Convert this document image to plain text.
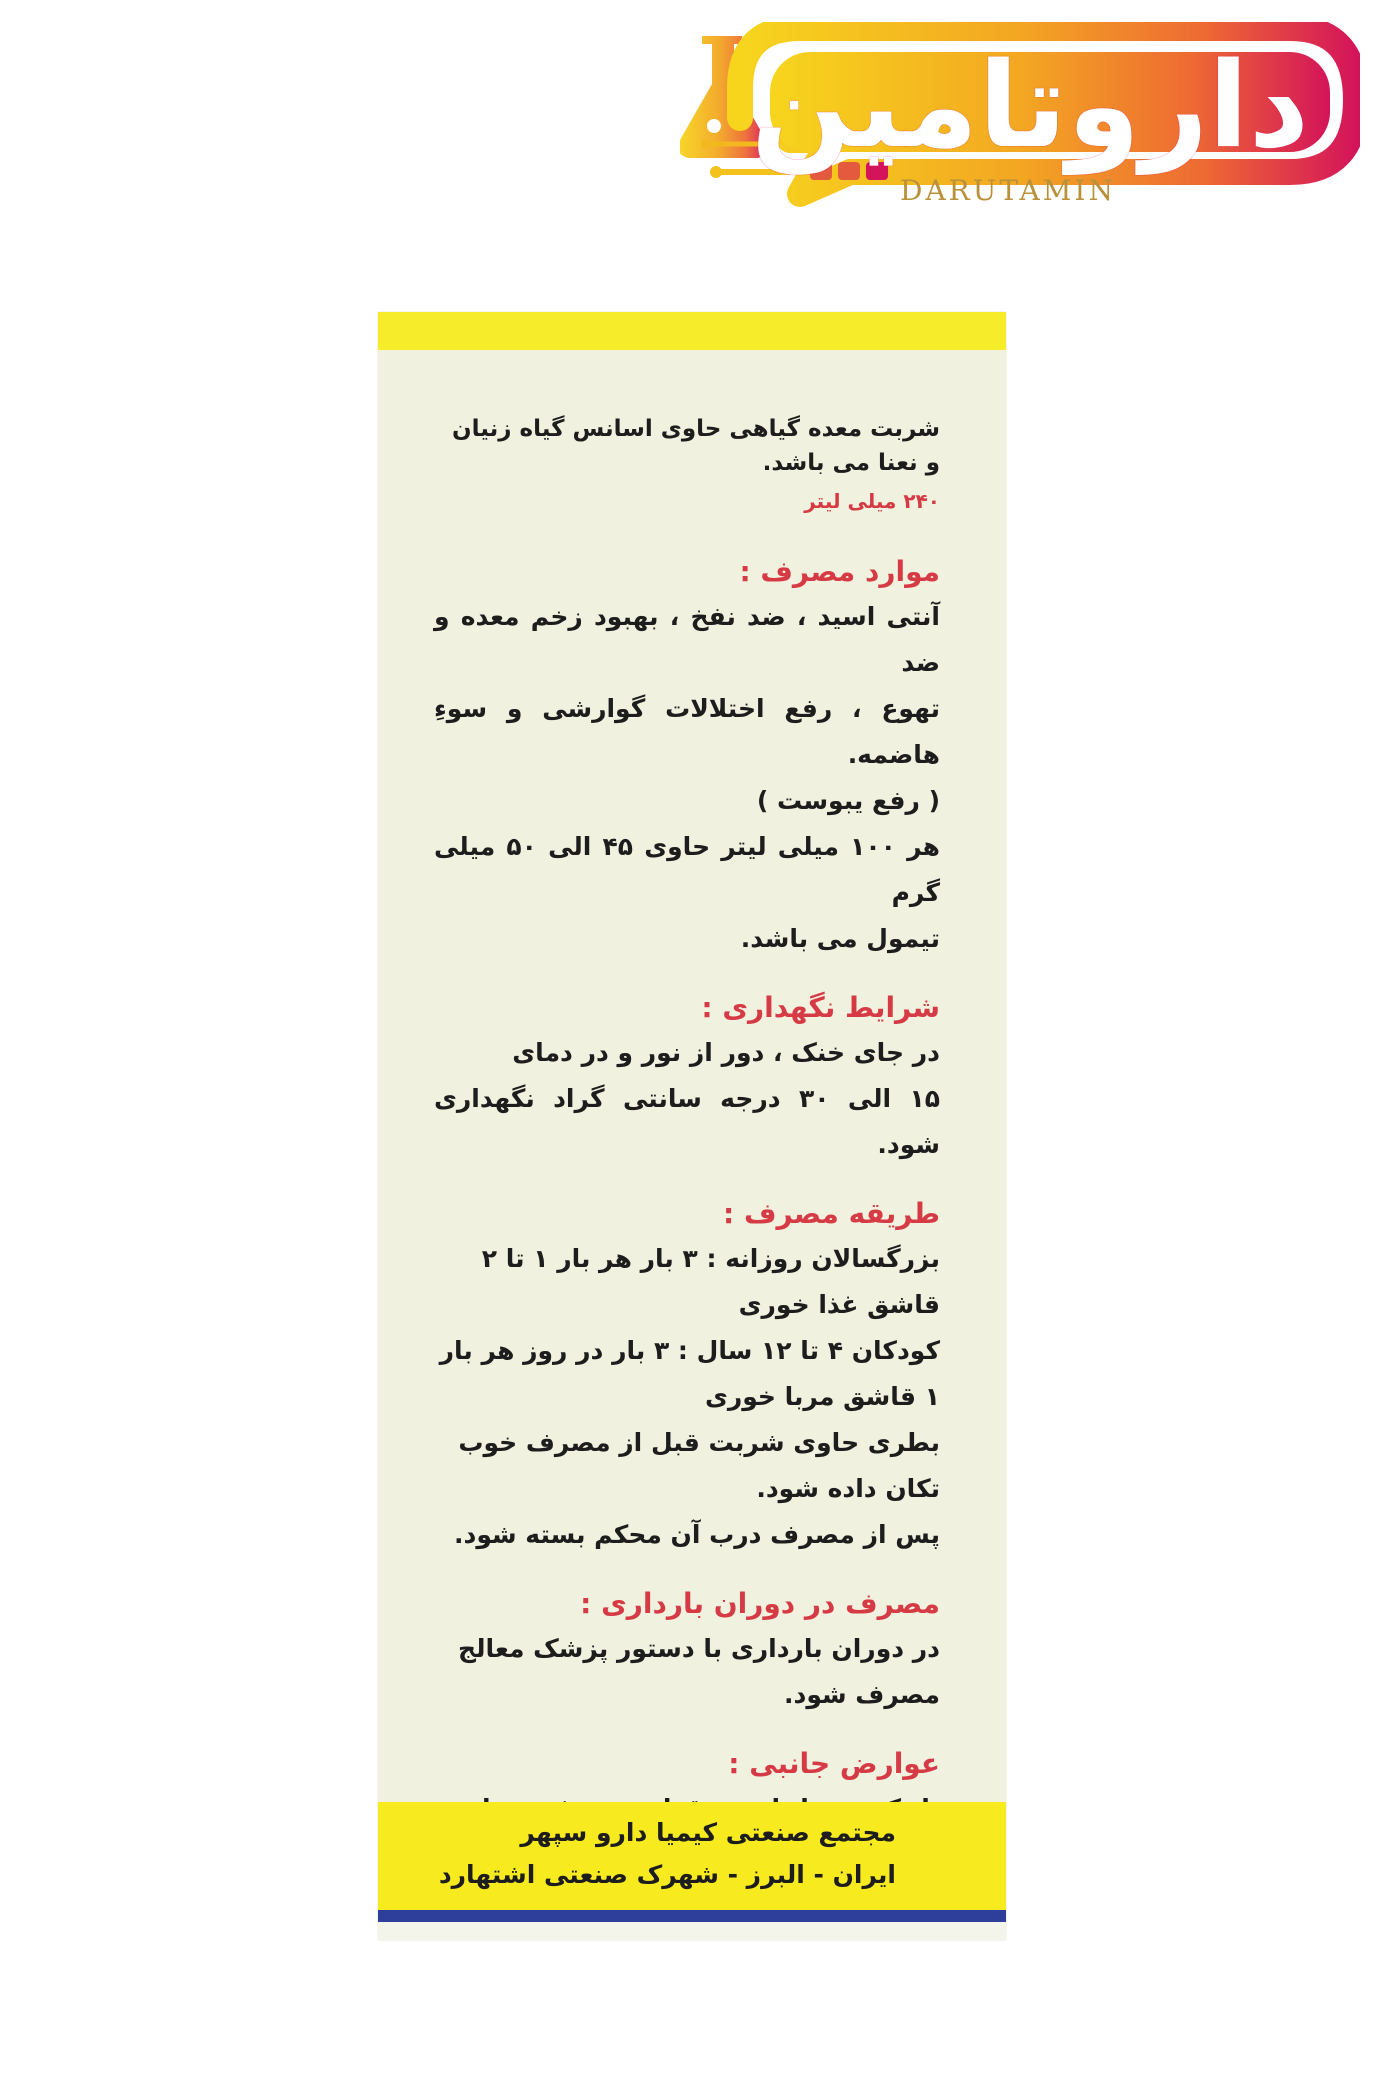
داروتامین
DARUTAMIN
شربت معده گیاهی حاوی اسانس گیاه زنیان و نعنا می باشد.
۲۴۰ میلی لیتر
موارد مصرف :
آنتی اسید ، ضد نفخ ، بهبود زخم معده و ضد
تهوع ، رفع اختلالات گوارشی و سوءِ هاضمه.
( رفع یبوست )
هر ۱۰۰ میلی لیتر حاوی ۴۵ الی ۵۰ میلی گرم
تیمول می باشد.
شرایط نگهداری :
در جای خنک ، دور از نور و در دمای
۱۵ الی ۳۰ درجه سانتی گراد نگهداری شود.
طریقه مصرف :
بزرگسالان روزانه : ۳ بار هر بار ۱ تا ۲
قاشق غذا خوری
کودکان ۴ تا ۱۲ سال : ۳ بار در روز هر بار
۱ قاشق مربا خوری
بطری حاوی شربت قبل از مصرف خوب
تکان داده شود.
پس از مصرف درب آن محکم بسته شود.
مصرف در دوران بارداری :
در دوران بارداری با دستور پزشک معالج
مصرف شود.
عوارض جانبی :
مجتمع صنعتی کیمیا دارو سپهر
ایران - البرز - شهرک صنعتی اشتهارد
